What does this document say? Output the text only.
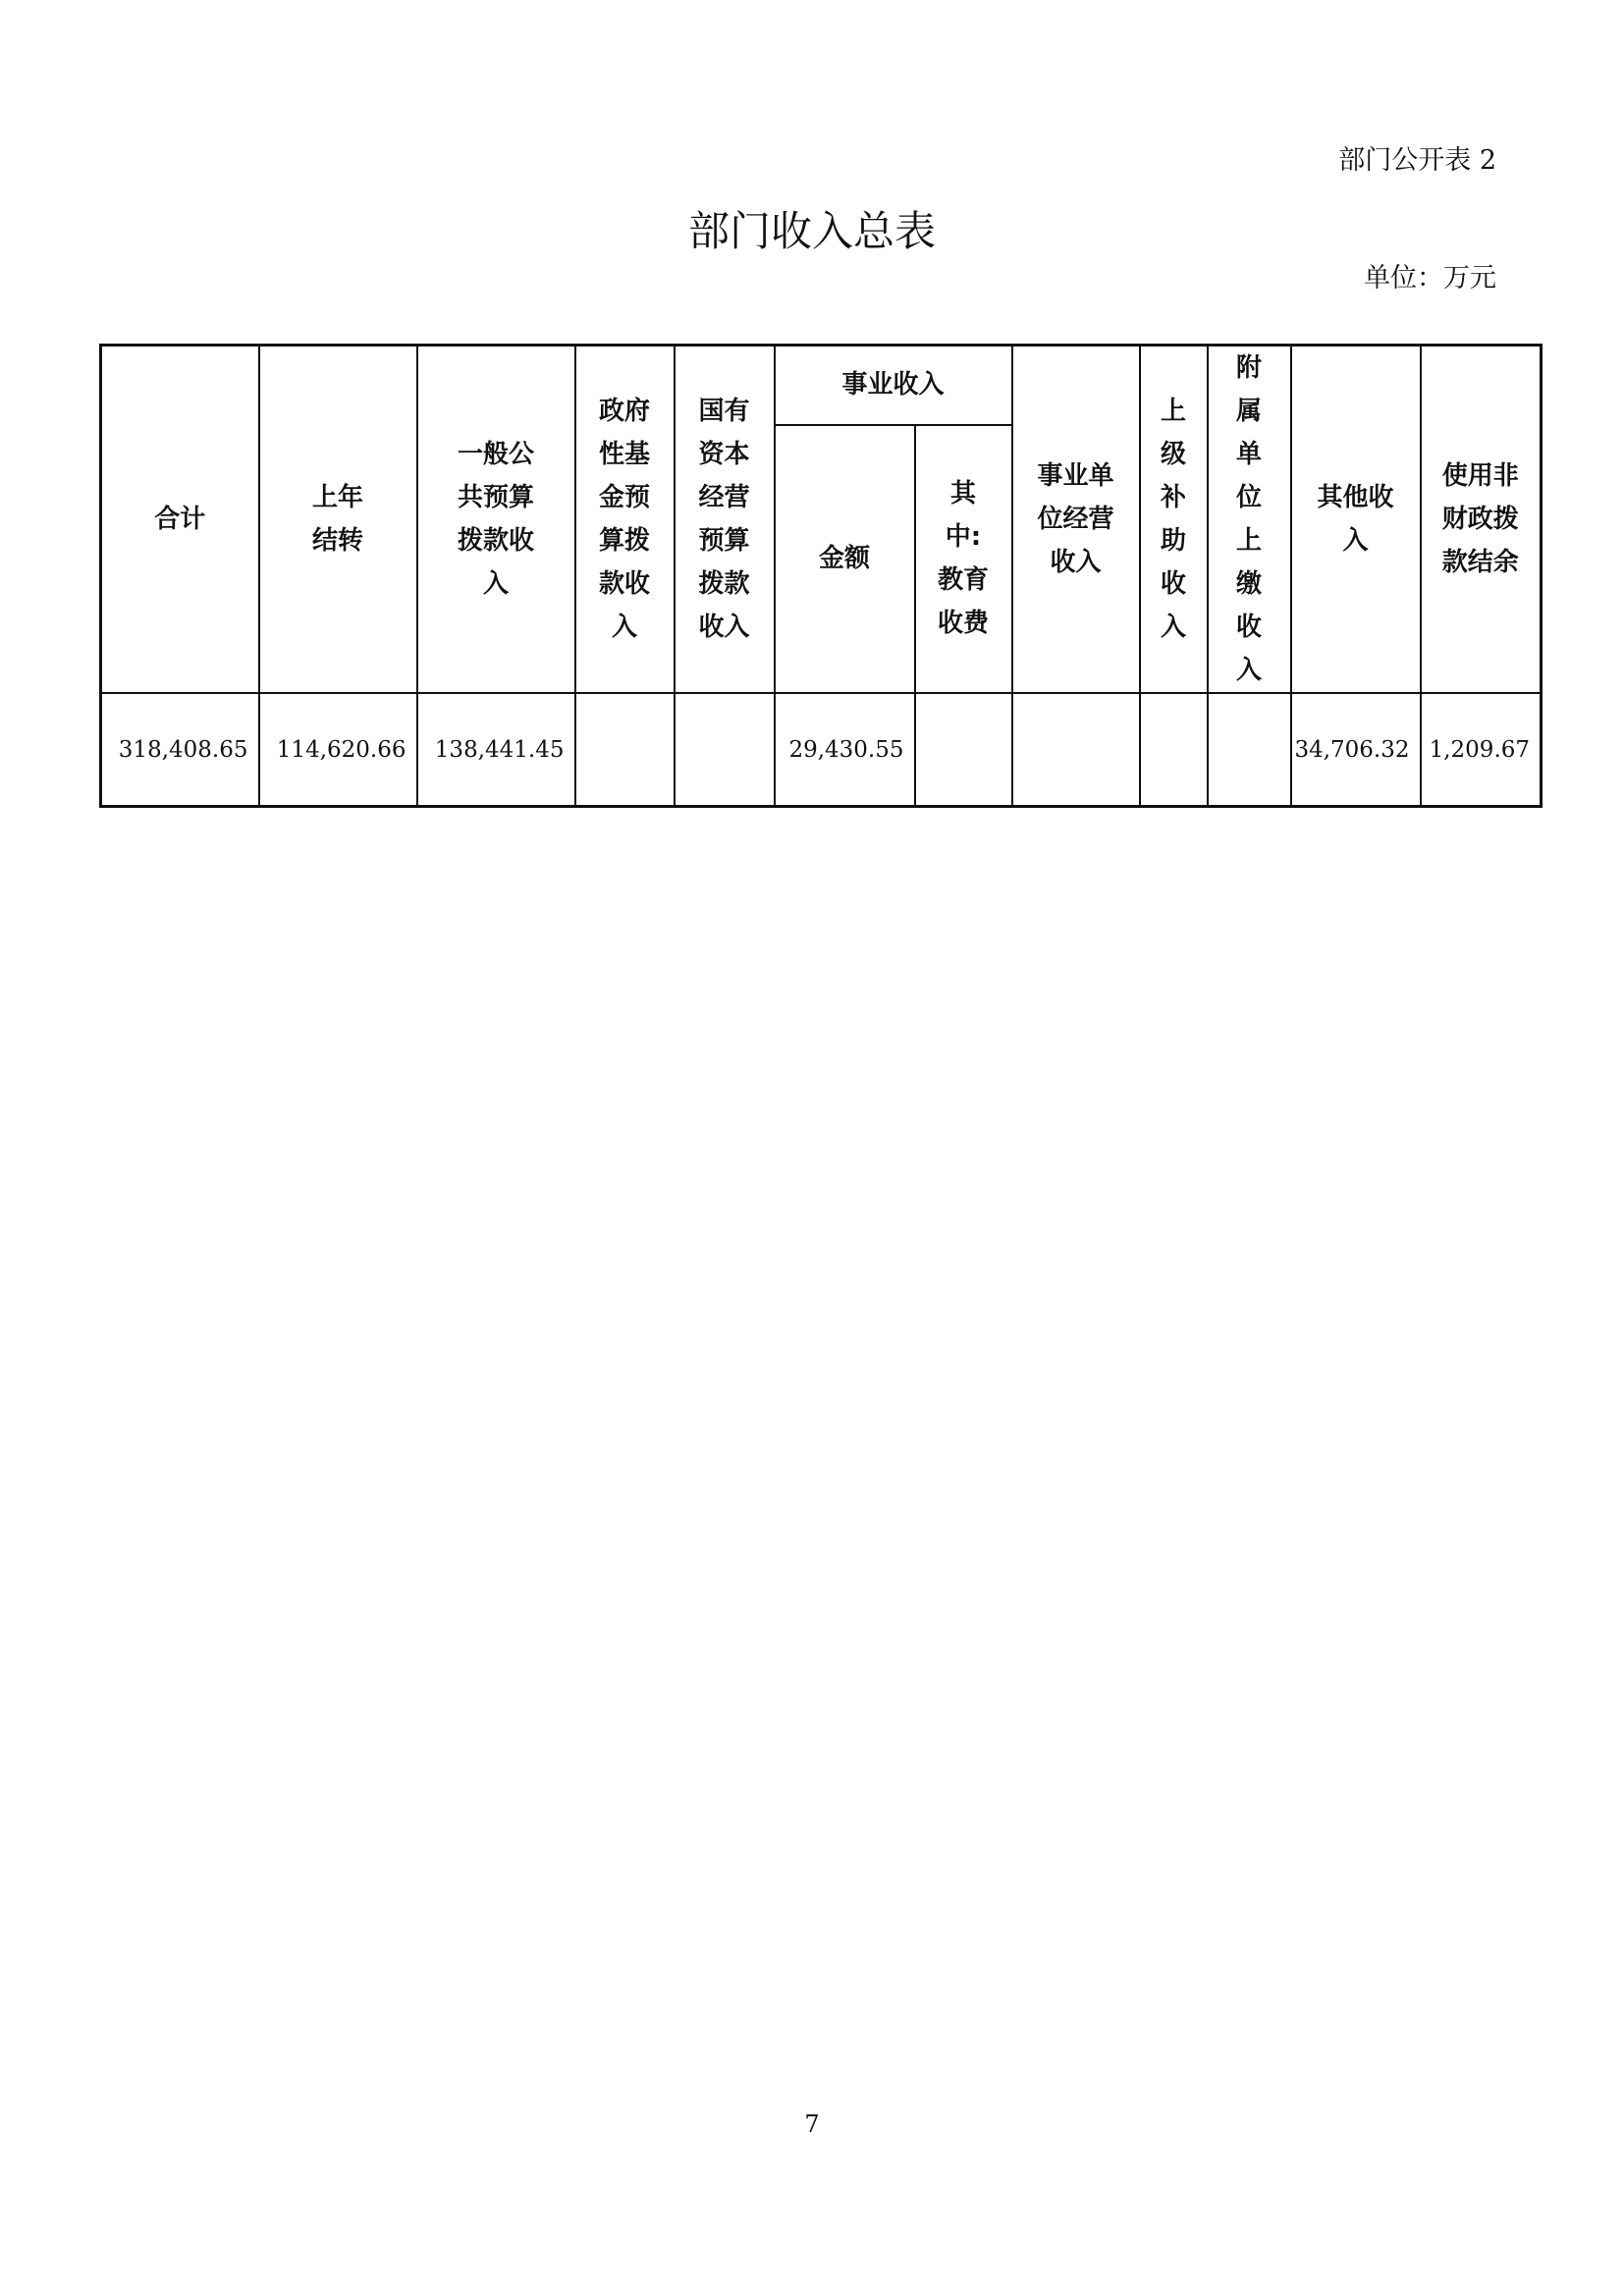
部门公开表 2
部门收入总表
单位：万元
合计	上年结转	一般公共预算拨款收入	政府性基金预算拨款收入	国有资本经营预算拨款收入	事业收入		事业单位经营收入	上级补助收入	附属单位上缴收入	其他收入	使用非财政拨款结余
					金额	其中:教育收费					
318,408.65	114,620.66	138,441.45			29,430.55					34,706.32	1,209.67
7
